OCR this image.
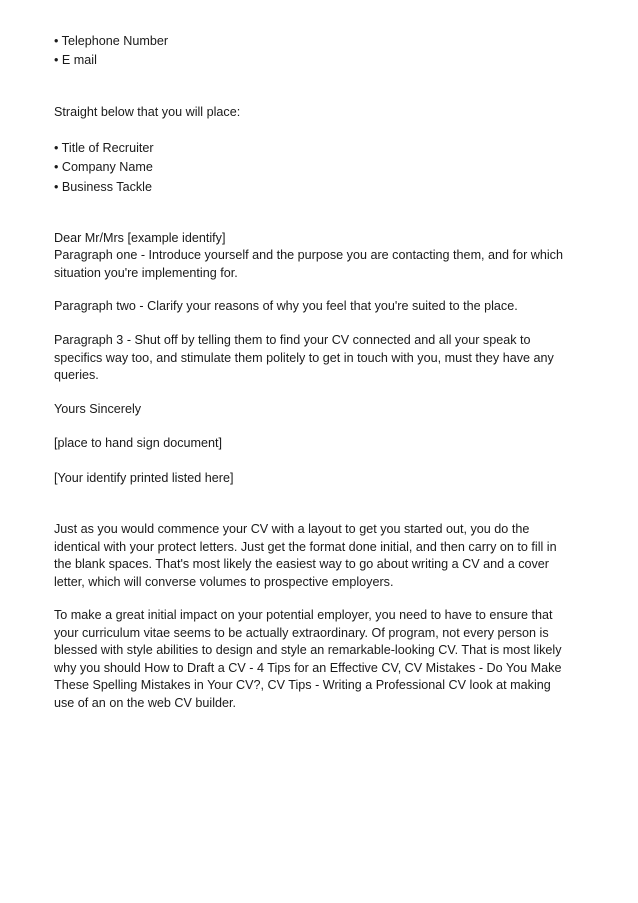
• Telephone Number
• E mail
Straight below that you will place:
• Title of Recruiter
• Company Name
• Business Tackle
Dear Mr/Mrs [example identify]
Paragraph one - Introduce yourself and the purpose you are contacting them, and for which
situation you're implementing for.
Paragraph two - Clarify your reasons of why you feel that you're suited to the place.
Paragraph 3 - Shut off by telling them to find your CV connected and all your speak to
specifics way too, and stimulate them politely to get in touch with you, must they have any
queries.
Yours Sincerely
[place to hand sign document]
[Your identify printed listed here]
Just as you would commence your CV with a layout to get you started out, you do the
identical with your protect letters. Just get the format done initial, and then carry on to fill in
the blank spaces. That's most likely the easiest way to go about writing a CV and a cover
letter, which will converse volumes to prospective employers.
To make a great initial impact on your potential employer, you need to have to ensure that
your curriculum vitae seems to be actually extraordinary. Of program, not every person is
blessed with style abilities to design and style an remarkable-looking CV. That is most likely
why you should How to Draft a CV - 4 Tips for an Effective CV, CV Mistakes - Do You Make
These Spelling Mistakes in Your CV?, CV Tips - Writing a Professional CV look at making
use of an on the web CV builder.
